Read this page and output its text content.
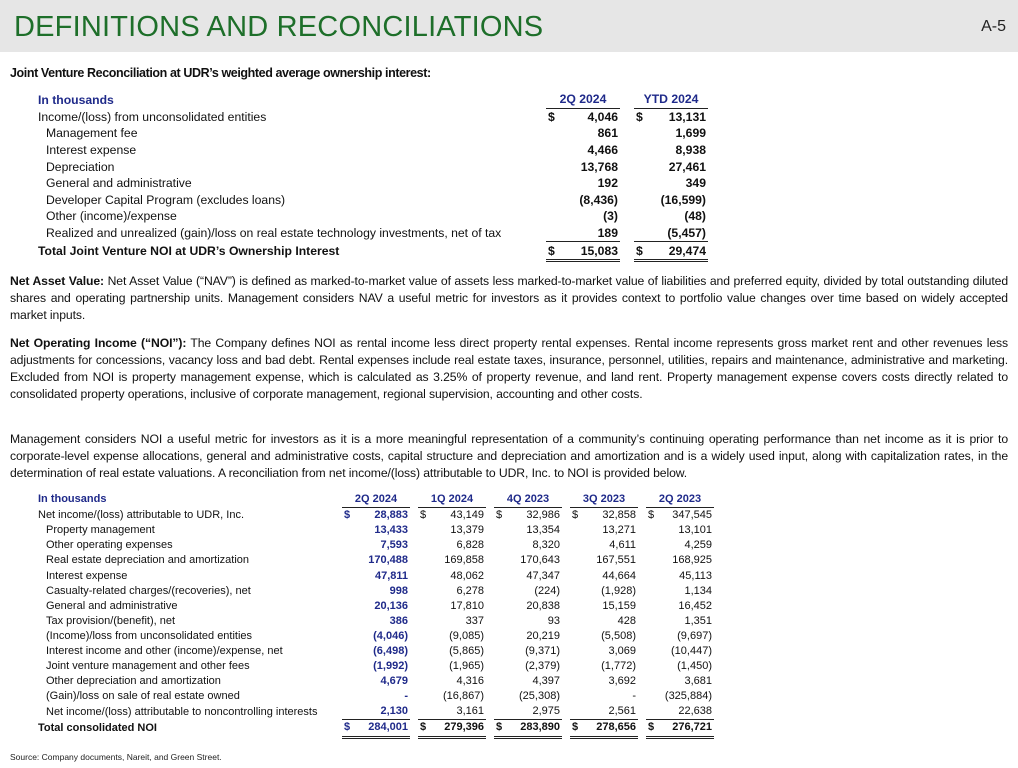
DEFINITIONS AND RECONCILIATIONS	A-5
Joint Venture Reconciliation at UDR’s weighted average ownership interest:
In thousands	2Q 2024			YTD 2024	
Income/(loss) from unconsolidated entities	$	4,046		$	13,131
Management fee		861			1,699
Interest expense		4,466			8,938
Depreciation		13,768			27,461
General and administrative		192			349
Developer Capital Program (excludes loans)		(8,436)			(16,599)
Other (income)/expense		(3)			(48)
Realized and unrealized (gain)/loss on real estate technology investments, net of tax		189			(5,457)
Total Joint Venture NOI at UDR’s Ownership Interest	$	15,083		$	29,474
Net Asset Value: Net Asset Value (“NAV”) is defined as marked-to-market value of assets less marked-to-market value of liabilities and preferred equity, divided by total outstanding diluted shares and operating partnership units. Management considers NAV a useful metric for investors as it provides context to portfolio value changes over time based on widely accepted market inputs.
Net Operating Income (“NOI”): The Company defines NOI as rental income less direct property rental expenses. Rental income represents gross market rent and other revenues less adjustments for concessions, vacancy loss and bad debt. Rental expenses include real estate taxes, insurance, personnel, utilities, repairs and maintenance, administrative and marketing. Excluded from NOI is property management expense, which is calculated as 3.25% of property revenue, and land rent. Property management expense covers costs directly related to consolidated property operations, inclusive of corporate management, regional supervision, accounting and other costs.
Management considers NOI a useful metric for investors as it is a more meaningful representation of a community’s continuing operating performance than net income as it is prior to corporate-level expense allocations, general and administrative costs, capital structure and depreciation and amortization and is a widely used input, along with capitalization rates, in the determination of real estate valuations. A reconciliation from net income/(loss) attributable to UDR, Inc. to NOI is provided below.
In thousands	2Q 2024			1Q 2024			4Q 2023			3Q 2023			2Q 2023	
Net income/(loss) attributable to UDR, Inc.	$	28,883		$	43,149		$	32,986		$	32,858		$	347,545
Property management		13,433			13,379			13,354			13,271			13,101
Other operating expenses		7,593			6,828			8,320			4,611			4,259
Real estate depreciation and amortization		170,488			169,858			170,643			167,551			168,925
Interest expense		47,811			48,062			47,347			44,664			45,113
Casualty-related charges/(recoveries), net		998			6,278			(224)			(1,928)			1,134
General and administrative		20,136			17,810			20,838			15,159			16,452
Tax provision/(benefit), net		386			337			93			428			1,351
(Income)/loss from unconsolidated entities		(4,046)			(9,085)			20,219			(5,508)			(9,697)
Interest income and other (income)/expense, net		(6,498)			(5,865)			(9,371)			3,069			(10,447)
Joint venture management and other fees		(1,992)			(1,965)			(2,379)			(1,772)			(1,450)
Other depreciation and amortization		4,679			4,316			4,397			3,692			3,681
(Gain)/loss on sale of real estate owned		-			(16,867)			(25,308)			-			(325,884)
Net income/(loss) attributable to noncontrolling interests		2,130			3,161			2,975			2,561			22,638
Total consolidated NOI	$	284,001		$	279,396		$	283,890		$	278,656		$	276,721
Source: Company documents, Nareit, and Green Street.
